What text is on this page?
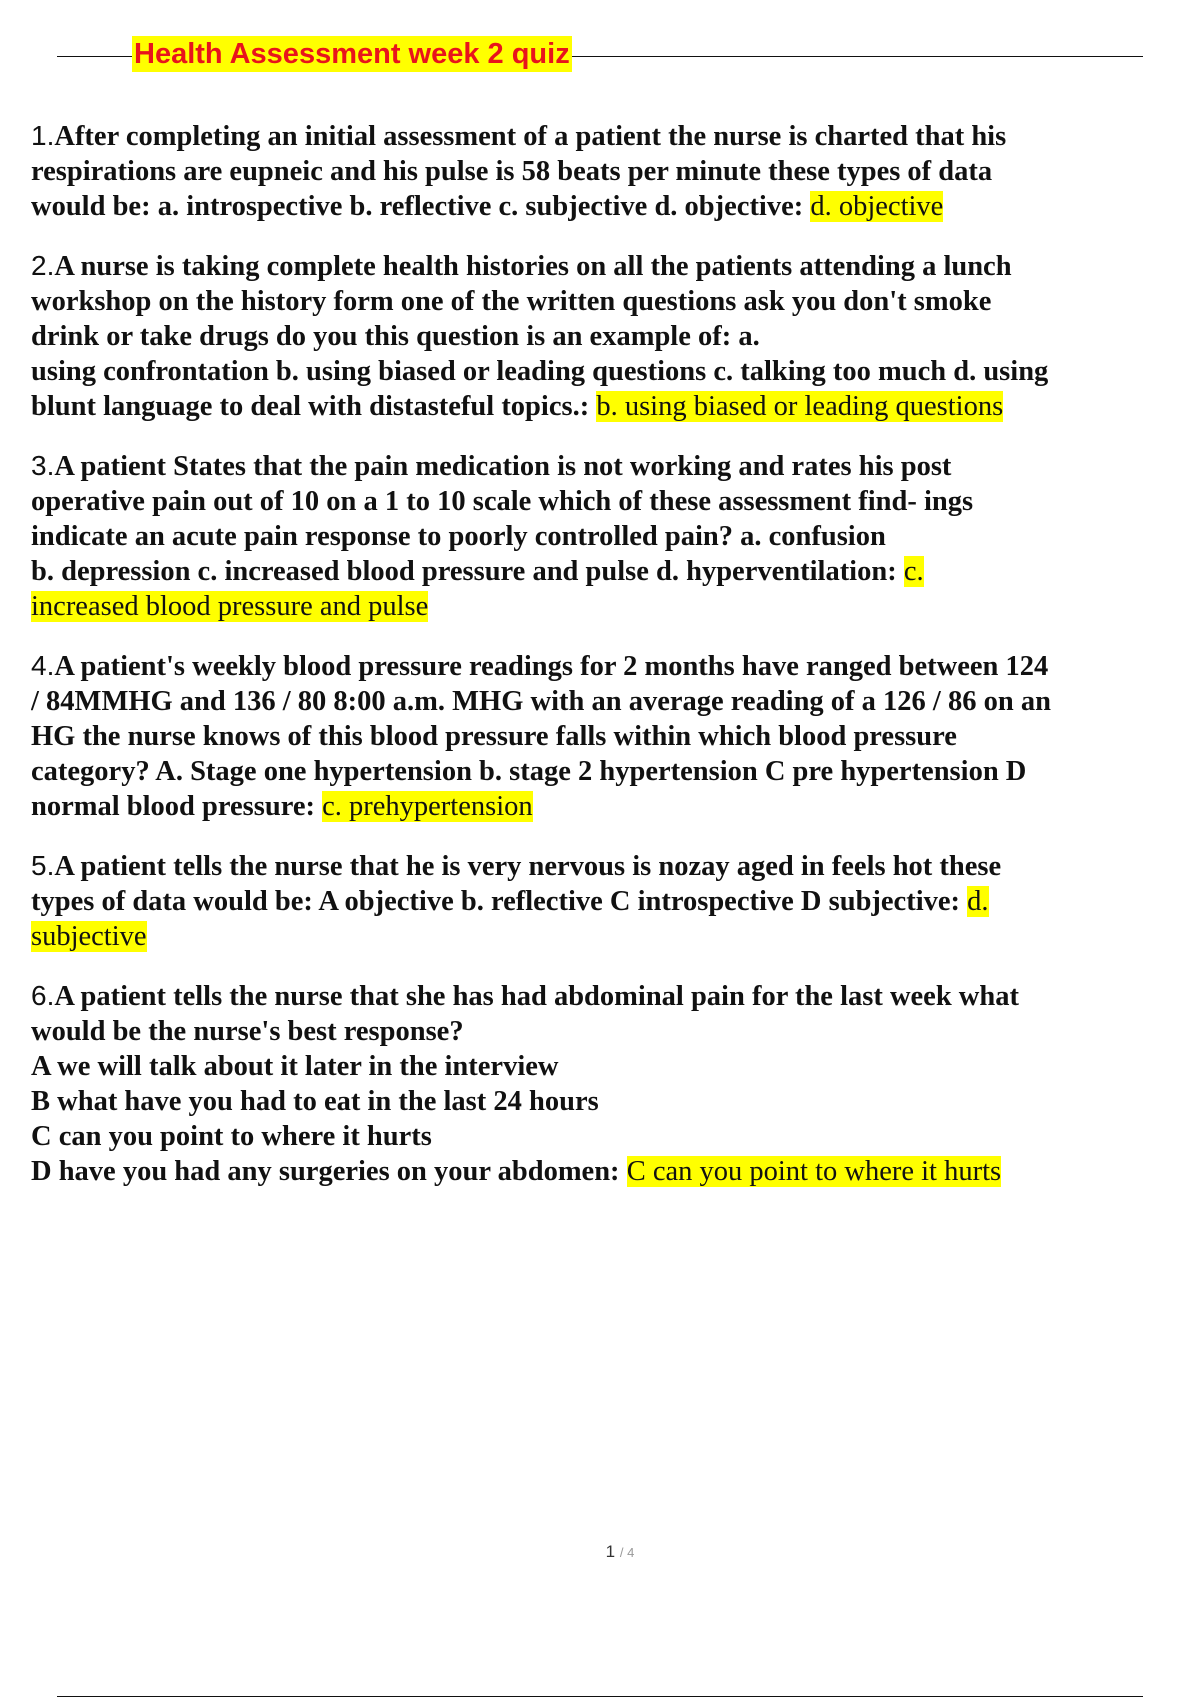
Health Assessment week 2 quiz
1.After completing an initial assessment of a patient the nurse is charted that his
respirations are eupneic and his pulse is 58 beats per minute these types of data
would be: a. introspective b. reflective c. subjective d. objective: d. objective
2.A nurse is taking complete health histories on all the patients attending a lunch
workshop on the history form one of the written questions ask you don't smoke
drink or take drugs do you this question is an example of: a.
using confrontation b. using biased or leading questions c. talking too much d. using
blunt language to deal with distasteful topics.: b. using biased or leading questions
3.A patient States that the pain medication is not working and rates his post
operative pain out of 10 on a 1 to 10 scale which of these assessment find- ings
indicate an acute pain response to poorly controlled pain? a. confusion
b. depression c. increased blood pressure and pulse d. hyperventilation: c.
increased blood pressure and pulse
4.A patient's weekly blood pressure readings for 2 months have ranged between 124
/ 84MMHG and 136 / 80 8:00 a.m. MHG with an average reading of a 126 / 86 on an
HG the nurse knows of this blood pressure falls within which blood pressure
category? A. Stage one hypertension b. stage 2 hypertension C pre hypertension D
normal blood pressure: c. prehypertension
5.A patient tells the nurse that he is very nervous is nozay aged in feels hot these
types of data would be: A objective b. reflective C introspective D subjective: d.
subjective
6.A patient tells the nurse that she has had abdominal pain for the last week what
would be the nurse's best response?
A we will talk about it later in the interview
B what have you had to eat in the last 24 hours
C can you point to where it hurts
D have you had any surgeries on your abdomen: C can you point to where it hurts
1 / 4
